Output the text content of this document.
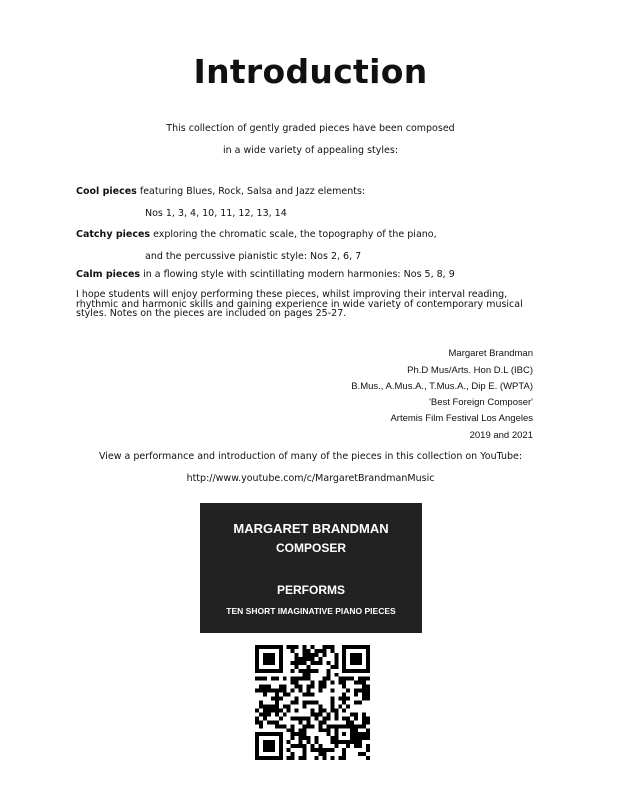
Introduction
This collection of gently graded pieces have been composed
in a wide variety of appealing styles:
Cool pieces featuring Blues, Rock, Salsa and Jazz elements:
Nos 1, 3, 4, 10, 11, 12, 13, 14
Catchy pieces exploring the chromatic scale, the topography of the piano,
and the percussive pianistic style: Nos 2, 6, 7
Calm pieces in a flowing style with scintillating modern harmonies: Nos 5, 8, 9
I hope students will enjoy performing these pieces, whilst improving their interval reading, rhythmic and harmonic skills and gaining experience in wide variety of contemporary musical styles. Notes on the pieces are included on pages 25-27.
Margaret Brandman
Ph.D Mus/Arts. Hon D.L (IBC)
B.Mus., A.Mus.A., T.Mus.A., Dip E. (WPTA)
'Best Foreign Composer'
Artemis Film Festival Los Angeles
2019 and 2021
View a performance and introduction of many of the pieces in this collection on YouTube:
http://www.youtube.com/c/MargaretBrandmanMusic
MARGARET BRANDMAN
COMPOSER
PERFORMS
TEN SHORT IMAGINATIVE PIANO PIECES
